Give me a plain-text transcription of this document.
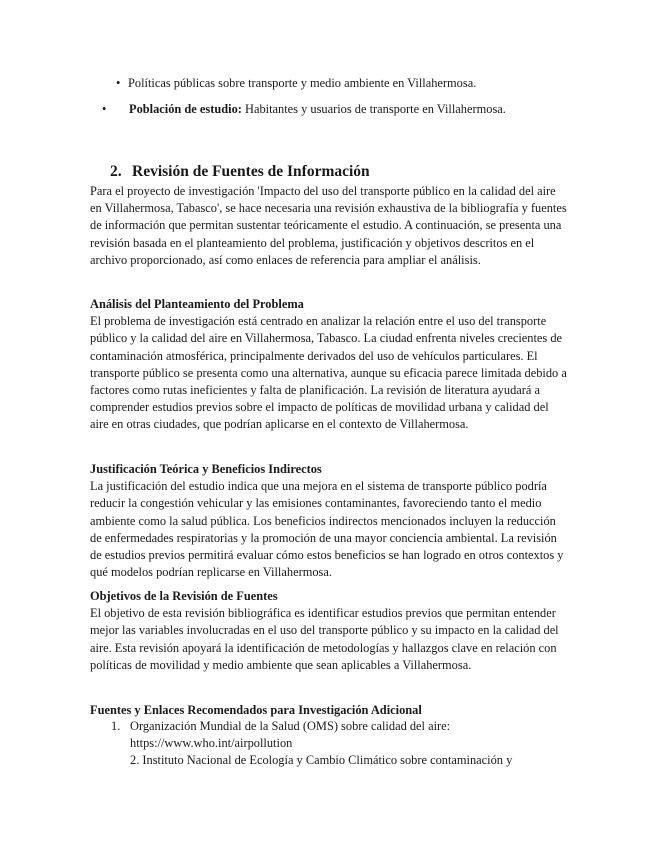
• Políticas públicas sobre transporte y medio ambiente en Villahermosa.
• Población de estudio: Habitantes y usuarios de transporte en Villahermosa.
2. Revisión de Fuentes de Información

Para el proyecto de investigación 'Impacto del uso del transporte público en la calidad del aire en Villahermosa, Tabasco', se hace necesaria una revisión exhaustiva de la bibliografía y fuentes de información que permitan sustentar teóricamente el estudio. A continuación, se presenta una revisión basada en el planteamiento del problema, justificación y objetivos descritos en el archivo proporcionado, así como enlaces de referencia para ampliar el análisis.

Análisis del Planteamiento del Problema

El problema de investigación está centrado en analizar la relación entre el uso del transporte público y la calidad del aire en Villahermosa, Tabasco. La ciudad enfrenta niveles crecientes de contaminación atmosférica, principalmente derivados del uso de vehículos particulares. El transporte público se presenta como una alternativa, aunque su eficacia parece limitada debido a factores como rutas ineficientes y falta de planificación. La revisión de literatura ayudará a comprender estudios previos sobre el impacto de políticas de movilidad urbana y calidad del aire en otras ciudades, que podrían aplicarse en el contexto de Villahermosa.

Justificación Teórica y Beneficios Indirectos

La justificación del estudio indica que una mejora en el sistema de transporte público podría reducir la congestión vehicular y las emisiones contaminantes, favoreciendo tanto el medio ambiente como la salud pública. Los beneficios indirectos mencionados incluyen la reducción de enfermedades respiratorias y la promoción de una mayor conciencia ambiental. La revisión de estudios previos permitirá evaluar cómo estos beneficios se han logrado en otros contextos y qué modelos podrían replicarse en Villahermosa.

Objetivos de la Revisión de Fuentes

El objetivo de esta revisión bibliográfica es identificar estudios previos que permitan entender mejor las variables involucradas en el uso del transporte público y su impacto en la calidad del aire. Esta revisión apoyará la identificación de metodologías y hallazgos clave en relación con políticas de movilidad y medio ambiente que sean aplicables a Villahermosa.

Fuentes y Enlaces Recomendados para Investigación Adicional

1. Organización Mundial de la Salud (OMS) sobre calidad del aire:
https://www.who.int/airpollution
2. Instituto Nacional de Ecología y Cambio Climático sobre contaminación y
